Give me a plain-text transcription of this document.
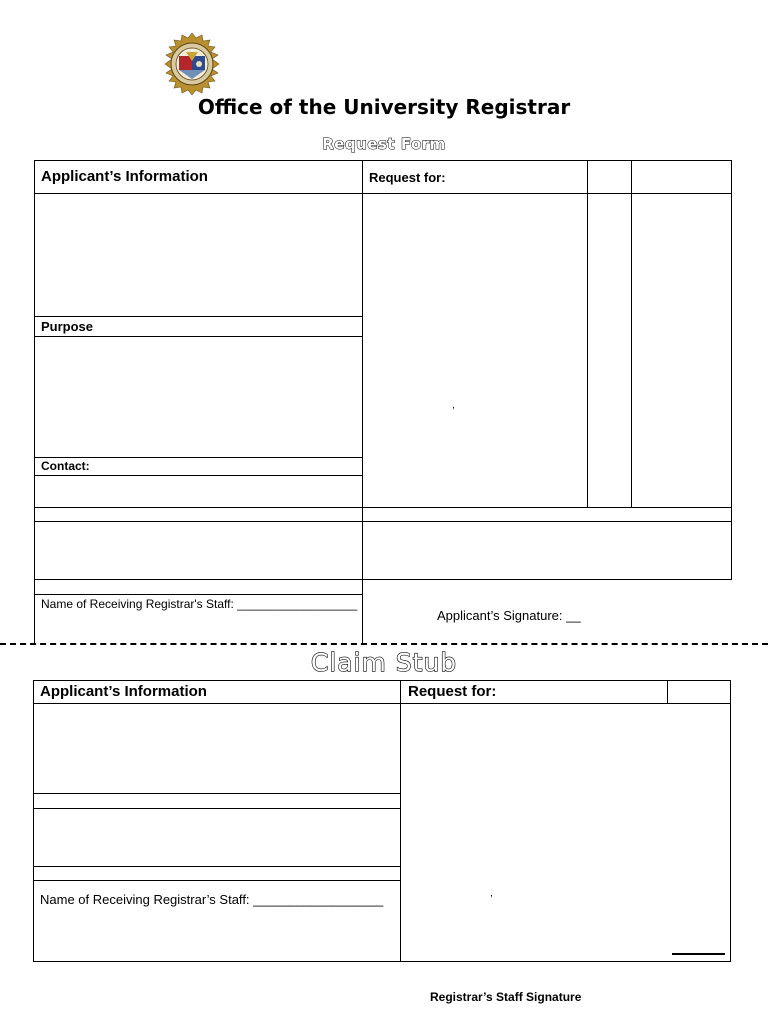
Office of the University Registrar
Request Form
Applicant’s Information	Request for:
Purpose
Contact:
,
Name of Receiving Registrar's Staff: __________________
Applicant’s Signature: __
Claim Stub
Applicant’s Information	Request for:
,
Name of Receiving Registrar’s Staff: __________________
Registrar’s Staff Signature
